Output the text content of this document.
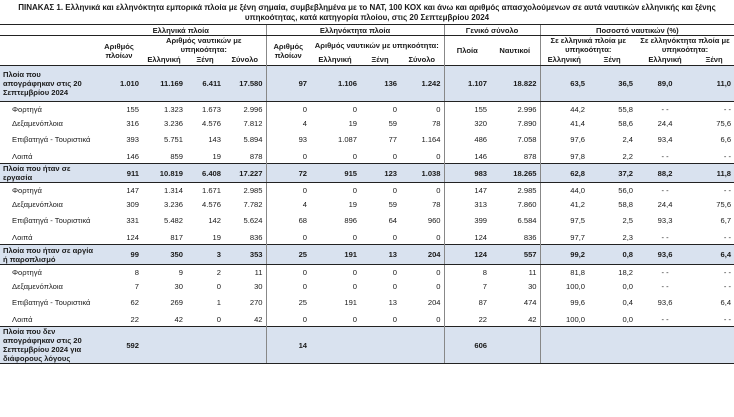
ΠΙΝΑΚΑΣ 1. Ελληνικά και ελληνόκτητα εμπορικά πλοία με ξένη σημαία, συμβεβλημένα με το ΝΑΤ, 100 ΚΟΧ και άνω και αριθμός απασχολούμενων σε αυτά ναυτικών ελληνικής και ξένης υπηκοότητας, κατά κατηγορία πλοίου, στις 20 Σεπτεμβρίου 2024
	Ελληνικά πλοία				Ελληνόκτητα πλοία				Γενικό σύνολο		Ποσοστό ναυτικών (%)			
	Αριθμός πλοίων	Αριθμός ναυτικών με υπηκοότητα:			Αριθμός πλοίων	Αριθμός ναυτικών με υπηκοότητα:			Πλοία	Ναυτικοί	Σε ελληνικά πλοία με υπηκοότητα:		Σε ελληνόκτητα πλοία με υπηκοότητα:	
		Ελληνική	Ξένη	Σύνολο		Ελληνική	Ξένη	Σύνολο			Ελληνική	Ξένη	Ελληνική	Ξένη
Πλοία που απογράφηκαν στις 20 Σεπτεμβρίου 2024	1.010	11.169	6.411	17.580	97	1.106	136	1.242	1.107	18.822	63,5	36,5	89,0	11,0
Φορτηγά	155	1.323	1.673	2.996	0	0	0	0	155	2.996	44,2	55,8	- -	- -
Δεξαμενόπλοια	316	3.236	4.576	7.812	4	19	59	78	320	7.890	41,4	58,6	24,4	75,6
Επιβατηγά - Τουριστικά	393	5.751	143	5.894	93	1.087	77	1.164	486	7.058	97,6	2,4	93,4	6,6
Λοιπά	146	859	19	878	0	0	0	0	146	878	97,8	2,2	- -	- -
Πλοία που ήταν σε εργασία	911	10.819	6.408	17.227	72	915	123	1.038	983	18.265	62,8	37,2	88,2	11,8
Φορτηγά	147	1.314	1.671	2.985	0	0	0	0	147	2.985	44,0	56,0	- -	- -
Δεξαμενόπλοια	309	3.236	4.576	7.782	4	19	59	78	313	7.860	41,2	58,8	24,4	75,6
Επιβατηγά - Τουριστικά	331	5.482	142	5.624	68	896	64	960	399	6.584	97,5	2,5	93,3	6,7
Λοιπά	124	817	19	836	0	0	0	0	124	836	97,7	2,3	- -	- -
Πλοία που ήταν σε αργία ή παροπλισμό	99	350	3	353	25	191	13	204	124	557	99,2	0,8	93,6	6,4
Φορτηγά	8	9	2	11	0	0	0	0	8	11	81,8	18,2	- -	- -
Δεξαμενόπλοια	7	30	0	30	0	0	0	0	7	30	100,0	0,0	- -	- -
Επιβατηγά - Τουριστικά	62	269	1	270	25	191	13	204	87	474	99,6	0,4	93,6	6,4
Λοιπά	22	42	0	42	0	0	0	0	22	42	100,0	0,0	- -	- -
Πλοία που δεν απογράφηκαν στις 20 Σεπτεμβρίου 2024 για διάφορους λόγους	592				14				606					
